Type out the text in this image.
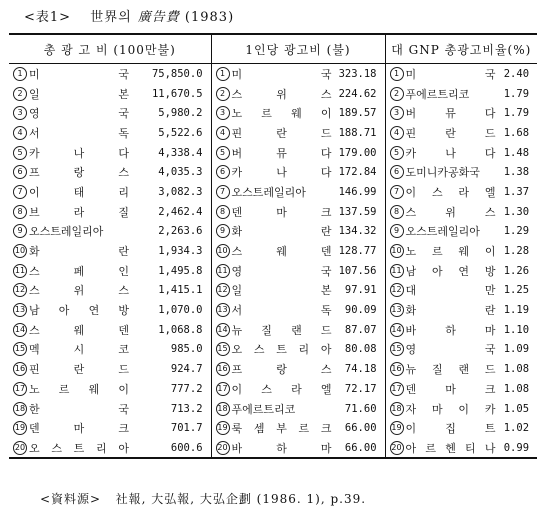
<表1> 世界의 廣告費 (1983)
총 광 고 비 (100만불)		1인당 광고비 (불)		대 GNP 총광고비율(%)	
1 미 국	75,850.0	1 미 국	323.18	1 미 국	2.40
2 일 본	11,670.5	2 스 위 스	224.62	2 푸에르트리코	1.79
3 영 국	5,980.2	3 노 르 웨 이	189.57	3 버 뮤 다	1.79
4 서 독	5,522.6	4 핀 란 드	188.71	4 핀 란 드	1.68
5 카 나 다	4,338.4	5 버 뮤 다	179.00	5 카 나 다	1.48
6 프 랑 스	4,035.3	6 카 나 다	172.84	6 도미니카공화국	1.38
7 이 태 리	3,082.3	7 오스트레일리아	146.99	7 이 스 라 엘	1.37
8 브 라 질	2,462.4	8 덴 마 크	137.59	8 스 위 스	1.30
9 오스트레일리아	2,263.6	9 화 란	134.32	9 오스트레일리아	1.29
10 화 란	1,934.3	10 스 웨 덴	128.77	10 노 르 웨 이	1.28
11 스 페 인	1,495.8	11 영 국	107.56	11 남 아 연 방	1.26
12 스 위 스	1,415.1	12 일 본	97.91	12 대 만	1.25
13 남 아 연 방	1,070.0	13 서 독	90.09	13 화 란	1.19
14 스 웨 덴	1,068.8	14 뉴 질 랜 드	87.07	14 바 하 마	1.10
15 멕 시 코	985.0	15 오 스 트 리 아	80.08	15 영 국	1.09
16 핀 란 드	924.7	16 프 랑 스	74.18	16 뉴 질 랜 드	1.08
17 노 르 웨 이	777.2	17 이 스 라 엘	72.17	17 덴 마 크	1.08
18 한 국	713.2	18 푸에르트리코	71.60	18 자 마 이 카	1.05
19 덴 마 크	701.7	19 룩 셈 부 르 크	66.00	19 이 집 트	1.02
20 오 스 트 리 아	600.6	20 바 하 마	66.00	20 아 르 헨 티 나	0.99
<資料源> 社報, 大弘報, 大弘企劃 (1986. 1), p.39.
